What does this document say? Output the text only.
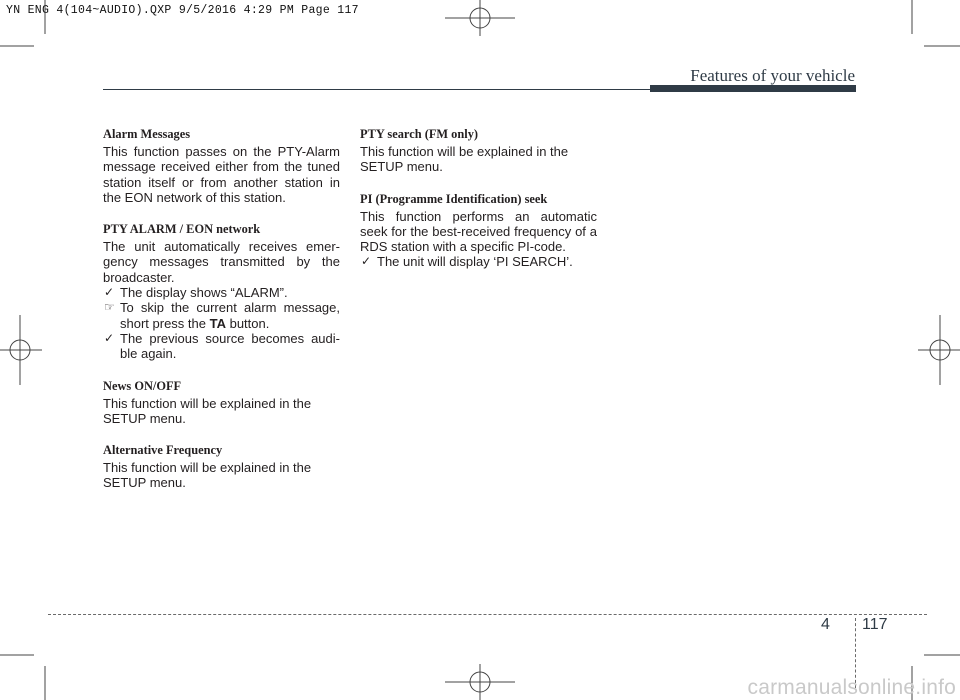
YN ENG 4(104~AUDIO).QXP 9/5/2016 4:29 PM Page 117
Features of your vehicle
Alarm Messages

This function passes on the PTY-Alarm message received either from the tuned station itself or from another station in the EON network of this station.

PTY ALARM / EON network

The unit automatically receives emer-gency messages transmitted by the broadcaster.

✓ The display shows “ALARM”.

☞ To skip the current alarm message, short press the TA button.

✓ The previous source becomes audi-ble again.

News ON/OFF

This function will be explained in the SETUP menu.

Alternative Frequency

This function will be explained in the SETUP menu.

PTY search (FM only)

This function will be explained in the SETUP menu.

PI (Programme Identification) seek

This function performs an automatic seek for the best-received frequency of a RDS station with a specific PI-code.

✓ The unit will display ‘PI SEARCH’.

4 117
carmanualsonline.info
